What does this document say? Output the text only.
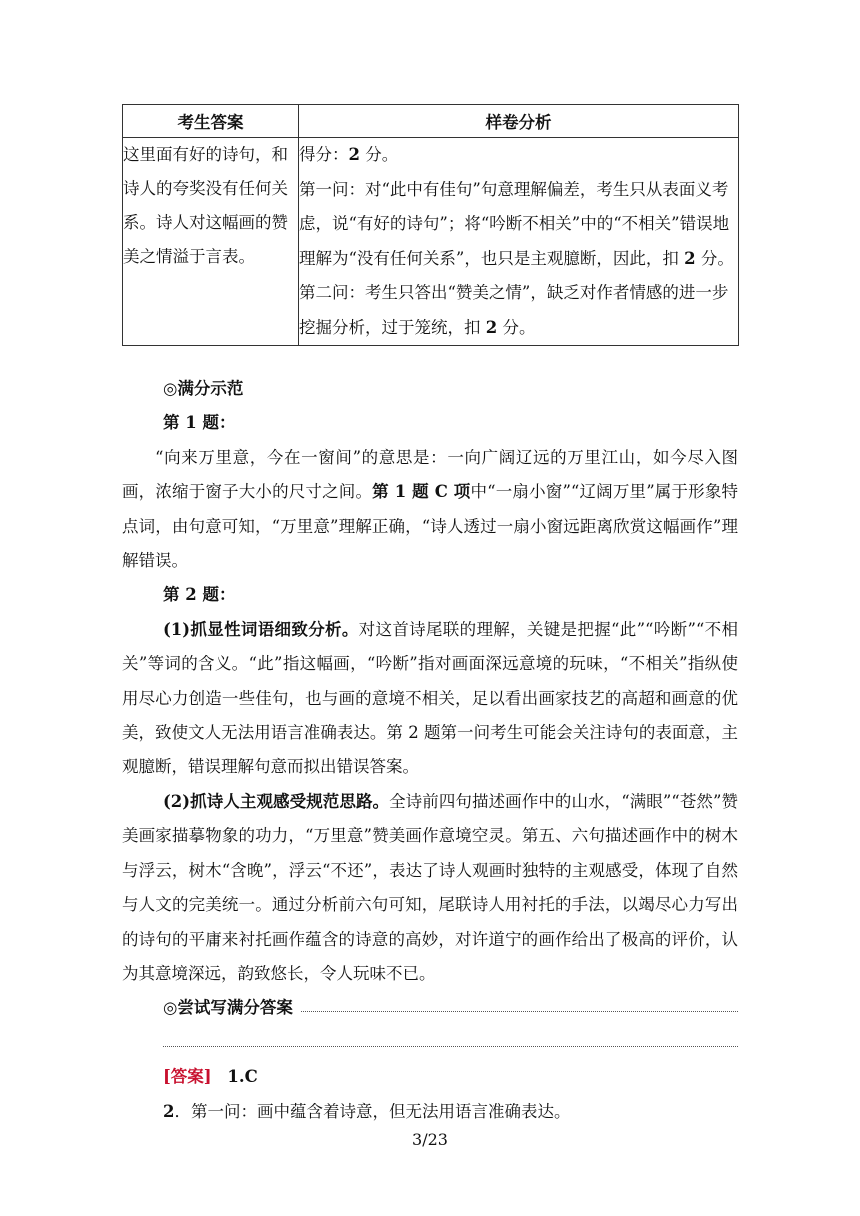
考生答案	样卷分析

这里面有好的诗句，和诗人的夸奖没有任何关系。诗人对这幅画的赞美之情溢于言表。	得分：2 分。

第一问：对“此中有佳句”句意理解偏差，考生只从表面义考虑，说“有好的诗句”；将“吟断不相关”中的“不相关”错误地理解为“没有任何关系”，也只是主观臆断，因此，扣 2 分。

第二问：考生只答出“赞美之情”，缺乏对作者情感的进一步挖掘分析，过于笼统，扣 2 分。

◎满分示范

第 1 题：

“向来万里意，今在一窗间”的意思是：一向广阔辽远的万里江山，如今尽入图画，浓缩于窗子大小的尺寸之间。第 1 题 C 项中“一扇小窗”“辽阔万里”属于形象特点词，由句意可知，“万里意”理解正确，“诗人透过一扇小窗远距离欣赏这幅画作”理解错误。

第 2 题：

(1)抓显性词语细致分析。对这首诗尾联的理解，关键是把握“此”“吟断”“不相关”等词的含义。“此”指这幅画，“吟断”指对画面深远意境的玩味，“不相关”指纵使用尽心力创造一些佳句，也与画的意境不相关，足以看出画家技艺的高超和画意的优美，致使文人无法用语言准确表达。第 2 题第一问考生可能会关注诗句的表面意，主观臆断，错误理解句意而拟出错误答案。

(2)抓诗人主观感受规范思路。全诗前四句描述画作中的山水，“满眼”“苍然”赞美画家描摹物象的功力，“万里意”赞美画作意境空灵。第五、六句描述画作中的树木与浮云，树木“含晚”，浮云“不还”，表达了诗人观画时独特的主观感受，体现了自然与人文的完美统一。通过分析前六句可知，尾联诗人用衬托的手法，以竭尽心力写出的诗句的平庸来衬托画作蕴含的诗意的高妙，对许道宁的画作给出了极高的评价，认为其意境深远，韵致悠长，令人玩味不已。

◎尝试写满分答案

[答案] 1.C

2．第一问：画中蕴含着诗意，但无法用语言准确表达。

3/23
